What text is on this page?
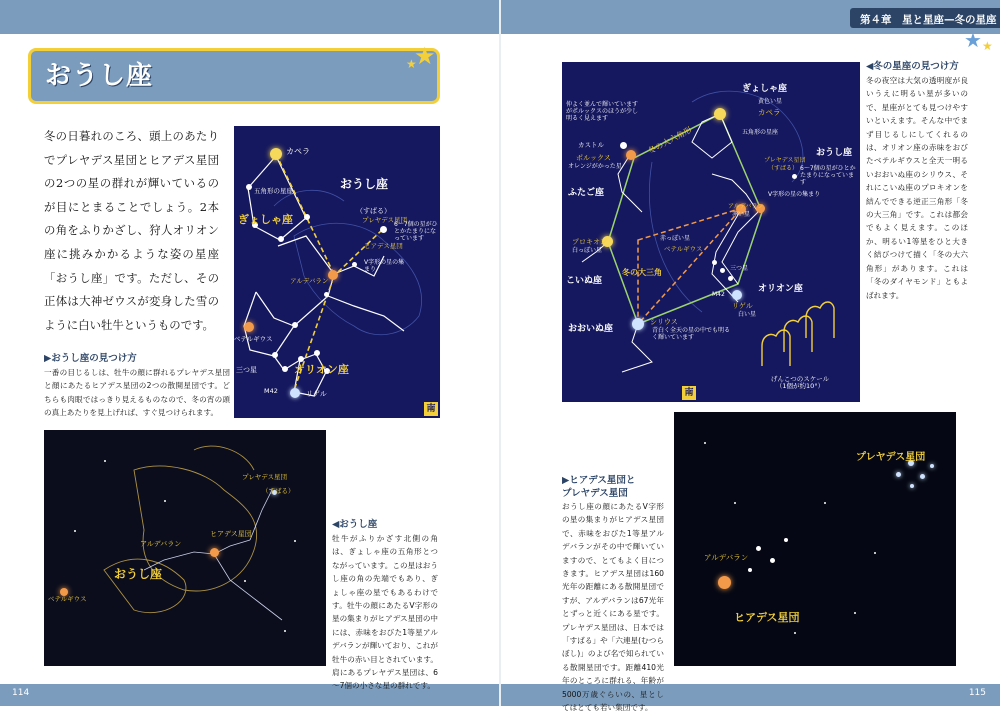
114	115
第４章　星と星座—冬の星座
★ ★
おうし座
★
★
冬の日暮れのころ、頭上のあたりでプレヤデス星団とヒアデス星団の2つの星の群れが輝いているのが目にとまることでしょう。2本の角をふりかざし、狩人オリオン座に挑みかかるような姿の星座「おうし座」です。ただし、その正体は大神ゼウスが変身した雪のように白い牡牛というものです。
カペラ
五角形の星座
ぎょしゃ座
おうし座
（すばる）
プレヤデス星団
ヒアデス星団
6～7個の星がひとかたまりになっています
V字形の星の集まり
アルデバラン
ベテルギウス
三つ星	オリオン座
M42	リゲル
南
▶おうし座の見つけ方
一番の目じるしは、牡牛の顔に群れるプレヤデス星団と顔にあたるヒアデス星団の2つの散開星団です。どちらも肉眼ではっきり見えるものなので、冬の宵の頭の真上あたりを見上げれば、すぐ見つけられます。
プレヤデス星団
（すばる）
アルデバラン
ヒアデス星団
おうし座
ベテルギウス
◀おうし座
牡牛がふりかざす北側の角は、ぎょしゃ座の五角形とつながっています。この星はおうし座の角の先端でもあり、ぎょしゃ座の星でもあるわけです。牡牛の顔にあたるV字形の星の集まりがヒアデス星団の中には、赤味をおびた1等星アルデバランが輝いており、これが牡牛の赤い目とされています。肩にあるプレヤデス星団は、6～7個の小さな星の群れです。
仲よく並んで輝いていますがポルックスのほうが少し明るく見えます
カストル
ポルックス
オレンジがかった星
カペラ
黄色い星
ぎょしゃ座
五角形の星座
冬の大六角形	おうし座
プレヤデス星団
（すばる） 6～7個の星がひとかたまりになっています
ふたご座
アルデバラン
赤い星
V字形の星の集まり
赤っぽい星
ベテルギウス
プロキオン
白っぽい星
こいぬ座
冬の大三角	三つ星
M42
オリオン座
リゲル
白い星
シリウス
青白く全天の星の中でも明るく輝いています
おおいぬ座
げんこつのスケール
（1個が約10°）
南
◀冬の星座の見つけ方
冬の夜空は大気の透明度が良いうえに明るい星が多いので、星座がとても見つけやすいといえます。そんな中でまず目じるしにしてくれるのは、オリオン座の赤味をおびたベテルギウスと全天一明るいおおいぬ座のシリウス、それにこいぬ座のプロキオンを結んでできる逆正三角形「冬の大三角」です。これは都会でもよく見えます。このほか、明るい1等星をひと大きく結びつけて描く「冬の大六角形」があります。これは「冬のダイヤモンド」ともよばれます。
▶ヒアデス星団と
プレヤデス星団
おうし座の顔にあたるV字形の星の集まりがヒアデス星団で、赤味をおびた1等星アルデバランがその中で輝いていますので、とてもよく目につきます。ヒアデス星団は160光年の距離にある散開星団ですが、アルデバランは67光年とずっと近くにある星です。プレヤデス星団は、日本では「すばる」や「六連星(むつらぼし)」のよび名で知られている散開星団です。距離410光年のところに群れる、年齢が5000万歳ぐらいの、星としてはとても若い集団です。
プレヤデス星団
アルデバラン
ヒアデス星団
